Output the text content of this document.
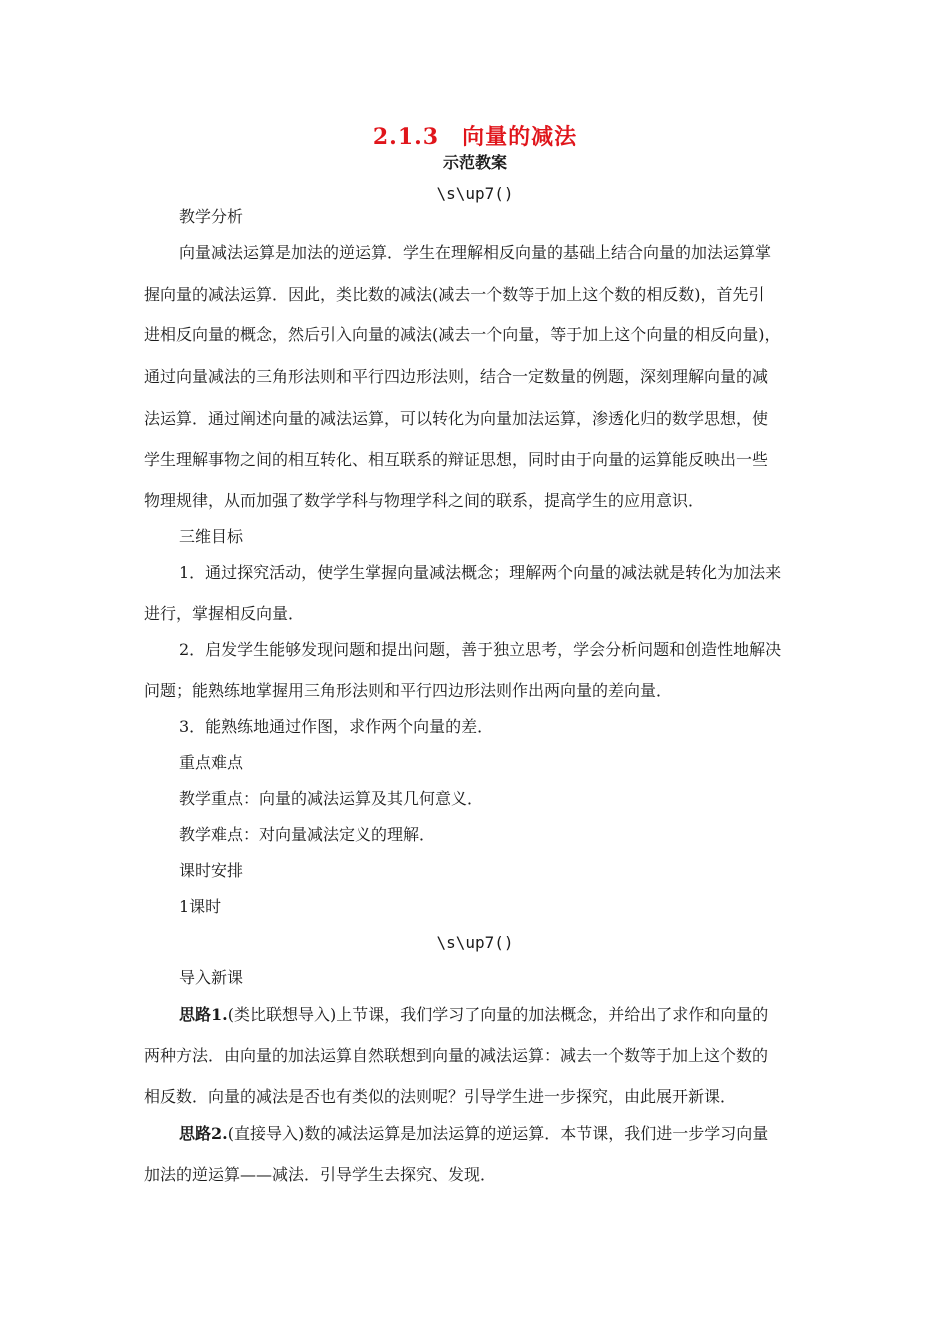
2.1.3　向量的减法
示范教案
\s\up7()
教学分析
向量减法运算是加法的逆运算．学生在理解相反向量的基础上结合向量的加法运算掌
握向量的减法运算．因此，类比数的减法(减去一个数等于加上这个数的相反数)，首先引
进相反向量的概念，然后引入向量的减法(减去一个向量，等于加上这个向量的相反向量)，
通过向量减法的三角形法则和平行四边形法则，结合一定数量的例题，深刻理解向量的减
法运算．通过阐述向量的减法运算，可以转化为向量加法运算，渗透化归的数学思想，使
学生理解事物之间的相互转化、相互联系的辩证思想，同时由于向量的运算能反映出一些
物理规律，从而加强了数学学科与物理学科之间的联系，提高学生的应用意识．
三维目标
1．通过探究活动，使学生掌握向量减法概念；理解两个向量的减法就是转化为加法来
进行，掌握相反向量．
2．启发学生能够发现问题和提出问题，善于独立思考，学会分析问题和创造性地解决
问题；能熟练地掌握用三角形法则和平行四边形法则作出两向量的差向量．
3．能熟练地通过作图，求作两个向量的差．
重点难点
教学重点：向量的减法运算及其几何意义．
教学难点：对向量减法定义的理解．
课时安排
1课时
\s\up7()
导入新课
思路1.(类比联想导入)上节课，我们学习了向量的加法概念，并给出了求作和向量的
两种方法．由向量的加法运算自然联想到向量的减法运算：减去一个数等于加上这个数的
相反数．向量的减法是否也有类似的法则呢？引导学生进一步探究，由此展开新课．
思路2.(直接导入)数的减法运算是加法运算的逆运算．本节课，我们进一步学习向量
加法的逆运算——减法．引导学生去探究、发现．
